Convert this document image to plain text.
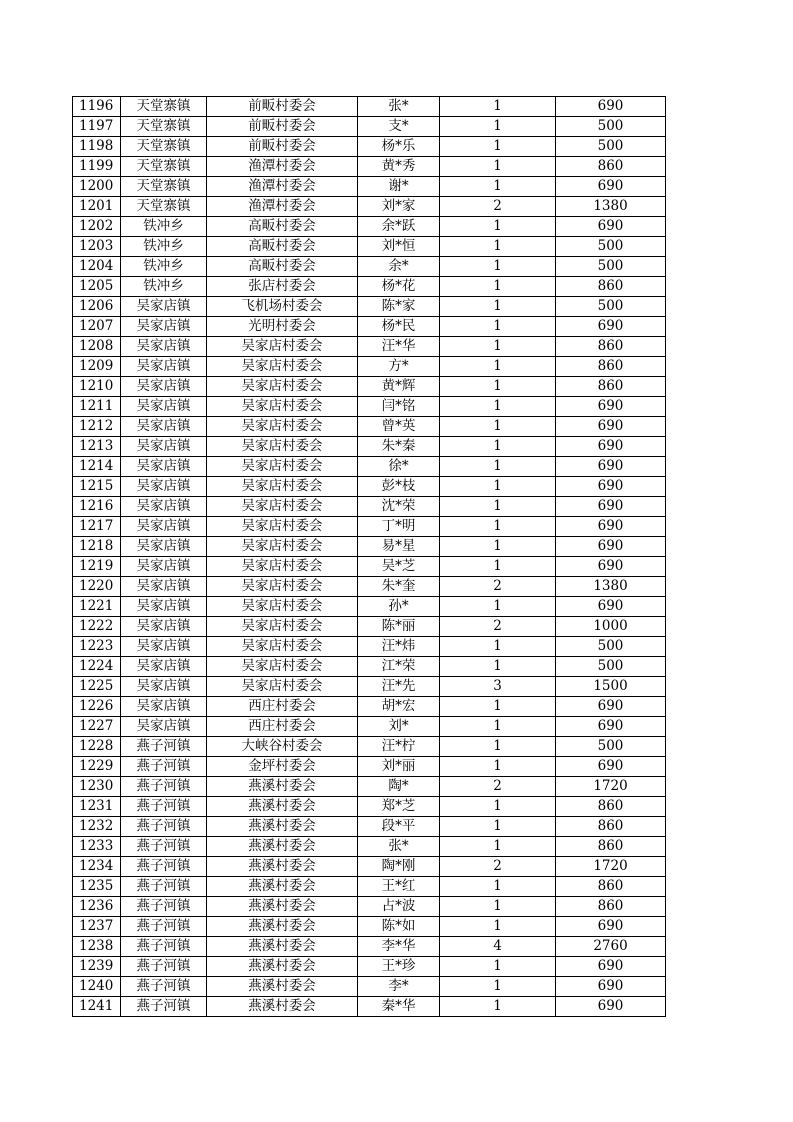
1196	天堂寨镇	前畈村委会	张*	1	690
1197	天堂寨镇	前畈村委会	支*	1	500
1198	天堂寨镇	前畈村委会	杨*乐	1	500
1199	天堂寨镇	渔潭村委会	黄*秀	1	860
1200	天堂寨镇	渔潭村委会	谢*	1	690
1201	天堂寨镇	渔潭村委会	刘*家	2	1380
1202	铁冲乡	高畈村委会	余*跃	1	690
1203	铁冲乡	高畈村委会	刘*恒	1	500
1204	铁冲乡	高畈村委会	余*	1	500
1205	铁冲乡	张店村委会	杨*花	1	860
1206	吴家店镇	飞机场村委会	陈*家	1	500
1207	吴家店镇	光明村委会	杨*民	1	690
1208	吴家店镇	吴家店村委会	汪*华	1	860
1209	吴家店镇	吴家店村委会	方*	1	860
1210	吴家店镇	吴家店村委会	黄*辉	1	860
1211	吴家店镇	吴家店村委会	闫*铭	1	690
1212	吴家店镇	吴家店村委会	曾*英	1	690
1213	吴家店镇	吴家店村委会	朱*秦	1	690
1214	吴家店镇	吴家店村委会	徐*	1	690
1215	吴家店镇	吴家店村委会	彭*枝	1	690
1216	吴家店镇	吴家店村委会	沈*荣	1	690
1217	吴家店镇	吴家店村委会	丁*明	1	690
1218	吴家店镇	吴家店村委会	易*星	1	690
1219	吴家店镇	吴家店村委会	吴*芝	1	690
1220	吴家店镇	吴家店村委会	朱*奎	2	1380
1221	吴家店镇	吴家店村委会	孙*	1	690
1222	吴家店镇	吴家店村委会	陈*丽	2	1000
1223	吴家店镇	吴家店村委会	汪*炜	1	500
1224	吴家店镇	吴家店村委会	江*荣	1	500
1225	吴家店镇	吴家店村委会	汪*先	3	1500
1226	吴家店镇	西庄村委会	胡*宏	1	690
1227	吴家店镇	西庄村委会	刘*	1	690
1228	燕子河镇	大峡谷村委会	汪*柠	1	500
1229	燕子河镇	金坪村委会	刘*丽	1	690
1230	燕子河镇	燕溪村委会	陶*	2	1720
1231	燕子河镇	燕溪村委会	郑*芝	1	860
1232	燕子河镇	燕溪村委会	段*平	1	860
1233	燕子河镇	燕溪村委会	张*	1	860
1234	燕子河镇	燕溪村委会	陶*刚	2	1720
1235	燕子河镇	燕溪村委会	王*红	1	860
1236	燕子河镇	燕溪村委会	占*波	1	860
1237	燕子河镇	燕溪村委会	陈*如	1	690
1238	燕子河镇	燕溪村委会	李*华	4	2760
1239	燕子河镇	燕溪村委会	王*珍	1	690
1240	燕子河镇	燕溪村委会	李*	1	690
1241	燕子河镇	燕溪村委会	秦*华	1	690
